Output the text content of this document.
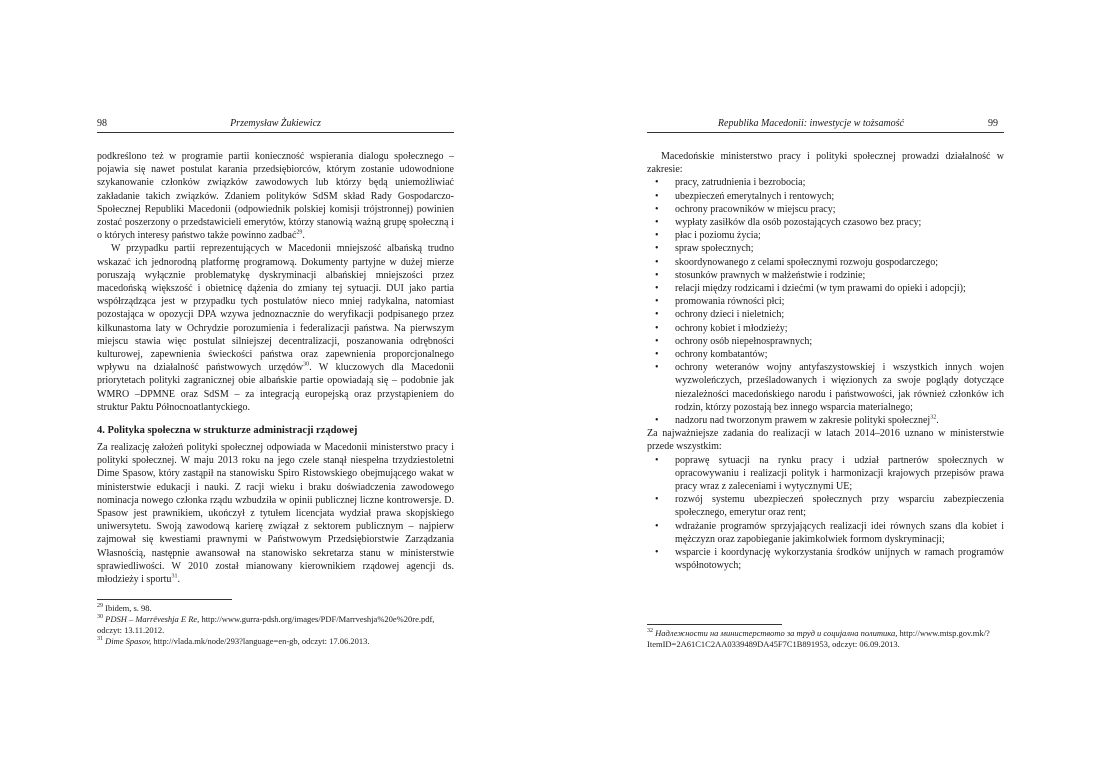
98	Przemysław Żukiewicz

podkreślono też w programie partii konieczność wspierania dialogu społecznego – pojawia się nawet postulat karania przedsiębiorców, którym zostanie udowodnione szykanowanie członków związków zawodowych lub którzy będą uniemożliwiać zakładanie takich związków. Zdaniem polityków SdSM skład Rady Gospodarczo-Społecznej Republiki Macedonii (odpowiednik polskiej komisji trójstronnej) powinien zostać poszerzony o przedstawicieli emerytów, którzy stanowią ważną grupę społeczną i o których interesy państwo także powinno zadbać$^{29}$.

W przypadku partii reprezentujących w Macedonii mniejszość albańską trudno wskazać ich jednorodną platformę programową. Dokumenty partyjne w dużej mierze poruszają wyłącznie problematykę dyskryminacji albańskiej mniejszości przez macedońską większość i obietnicę dążenia do zmiany tej sytuacji. DUI jako partia współrządząca jest w przypadku tych postulatów nieco mniej radykalna, natomiast pozostająca w opozycji DPA wzywa jednoznacznie do weryfikacji podpisanego przez kilkunastoma laty w Ochrydzie porozumienia i federalizacji państwa. Na pierwszym miejscu stawia więc postulat silniejszej decentralizacji, poszanowania odrębności kulturowej, zapewnienia świeckości państwa oraz zapewnienia proporcjonalnego wpływu na działalność państwowych urzędów$^{30}$. W kluczowych dla Macedonii priorytetach polityki zagranicznej obie albańskie partie opowiadają się – podobnie jak WMRO –DPMNE oraz SdSM – za integracją europejską oraz przystąpieniem do struktur Paktu Północnoatlantyckiego.

4. Polityka społeczna w strukturze administracji rządowej

Za realizację założeń polityki społecznej odpowiada w Macedonii ministerstwo pracy i polityki społecznej. W maju 2013 roku na jego czele stanął niespełna trzydziestoletni Dime Spasow, który zastąpił na stanowisku Spiro Ristowskiego obejmującego wakat w ministerstwie edukacji i nauki. Z racji wieku i braku doświadczenia zawodowego nominacja nowego członka rządu wzbudziła w opinii publicznej liczne kontrowersje. D. Spasow jest prawnikiem, ukończył z tytułem licencjata wydział prawa skopjskiego uniwersytetu. Swoją zawodową karierę związał z sektorem publicznym – najpierw zajmował się kwestiami prawnymi w Państwowym Przedsiębiorstwie Zarządzania Własnością, następnie awansował na stanowisko sekretarza stanu w ministerstwie sprawiedliwości. W 2010 został mianowany kierownikiem rządowej agencji ds. młodzieży i sportu$^{31}$.

$^{29}$ Ibidem, s. 98.

$^{30}$ PDSH – Marrëveshja E Re, http://www.gurra-pdsh.org/images/PDF/Marrveshja%20e%20re.pdf, odczyt: 13.11.2012.

$^{31}$ Dime Spasov, http://vlada.mk/node/293?language=en-gb, odczyt: 17.06.2013.

Republika Macedonii: inwestycje w tożsamość	99

Macedońskie ministerstwo pracy i polityki społecznej prowadzi działalność w zakresie:

• pracy, zatrudnienia i bezrobocia;
• ubezpieczeń emerytalnych i rentowych;
• ochrony pracowników w miejscu pracy;
• wypłaty zasiłków dla osób pozostających czasowo bez pracy;
• płac i poziomu życia;
• spraw społecznych;
• skoordynowanego z celami społecznymi rozwoju gospodarczego;
• stosunków prawnych w małżeństwie i rodzinie;
• relacji między rodzicami i dziećmi (w tym prawami do opieki i adopcji);
• promowania równości płci;
• ochrony dzieci i nieletnich;
• ochrony kobiet i młodzieży;
• ochrony osób niepełnosprawnych;
• ochrony kombatantów;
• ochrony weteranów wojny antyfaszystowskiej i wszystkich innych wojen wyzwoleńczych, prześladowanych i więzionych za swoje poglądy dotyczące niezależności macedońskiego narodu i państwowości, jak również członków ich rodzin, którzy pozostają bez innego wsparcia materialnego;
• nadzoru nad tworzonym prawem w zakresie polityki społecznej$^{32}$.

Za najważniejsze zadania do realizacji w latach 2014–2016 uznano w ministerstwie przede wszystkim:

• poprawę sytuacji na rynku pracy i udział partnerów społecznych w opracowywaniu i realizacji polityk i harmonizacji krajowych przepisów prawa pracy wraz z zaleceniami i wytycznymi UE;
• rozwój systemu ubezpieczeń społecznych przy wsparciu zabezpieczenia społecznego, emerytur oraz rent;
• wdrażanie programów sprzyjających realizacji idei równych szans dla kobiet i mężczyzn oraz zapobieganie jakimkolwiek formom dyskryminacji;
• wsparcie i koordynację wykorzystania środków unijnych w ramach programów współnotowych;

$^{32}$ Надлежности на министерството за труд и социјална политика, http://www.mtsp.gov.mk/?ItemID=2A61C1C2AA0339489DA45F7C1B891953, odczyt: 06.09.2013.
